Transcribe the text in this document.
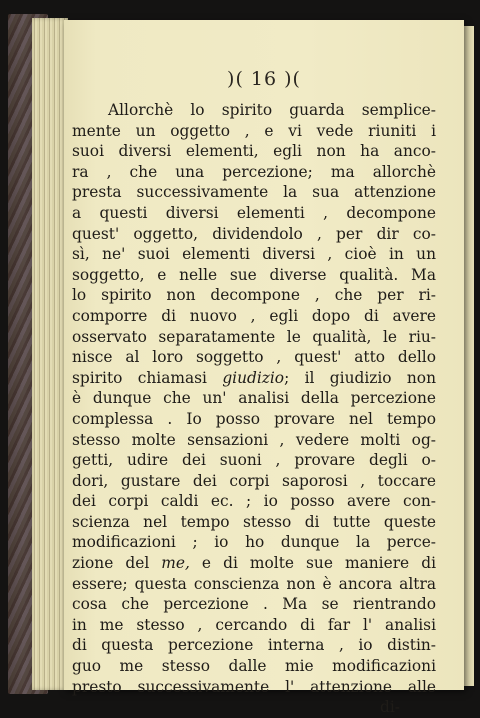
)( 16 )(
Allorchè lo spirito guarda semplice-
mente un oggetto , e vi vede riuniti i
suoi diversi elementi, egli non ha anco-
ra , che una percezione; ma allorchè
presta successivamente la sua attenzione
a questi diversi elementi , decompone
quest' oggetto, dividendolo , per dir co-
sì, ne' suoi elementi diversi , cioè in un
soggetto, e nelle sue diverse qualità. Ma
lo spirito non decompone , che per ri-
comporre di nuovo , egli dopo di avere
osservato separatamente le qualità, le riu-
nisce al loro soggetto , quest' atto dello
spirito chiamasi giudizio; il giudizio non
è dunque che un' analisi della percezione
complessa . Io posso provare nel tempo
stesso molte sensazioni , vedere molti og-
getti, udire dei suoni , provare degli o-
dori, gustare dei corpi saporosi , toccare
dei corpi caldi ec. ; io posso avere con-
scienza nel tempo stesso di tutte queste
modificazioni ; io ho dunque la perce-
zione del me, e di molte sue maniere di
essere; questa conscienza non è ancora altra
cosa che percezione . Ma se rientrando
in me stesso , cercando di far l' analisi
di questa percezione interna , io distin-
guo me stesso dalle mie modificazioni
presto successivamente l' attenzione alle
di-
